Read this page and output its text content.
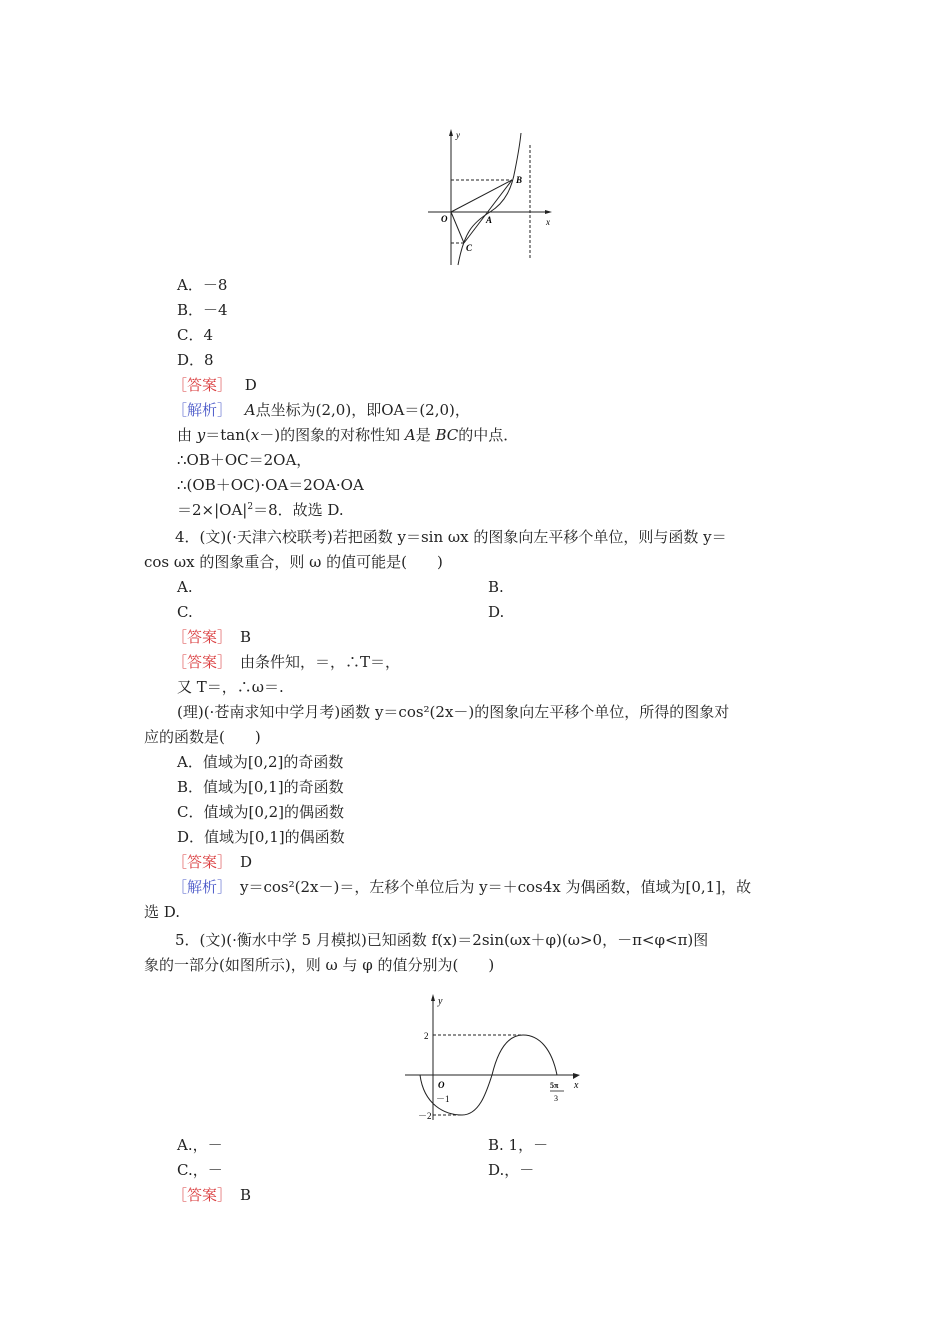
y
x
O	A
B
C
A．－8
B．－4
C．4
D．8
［答案］ D
［解析］ A点坐标为(2,0)，即OA＝(2,0)，
由 y＝tan(x－)的图象的对称性知 A是 BC的中点．
∴OB＋OC＝2OA，
∴(OB＋OC)·OA＝2OA·OA
$=2\times|OA|^2=8$．故选 D.
4．(文)(·天津六校联考)若把函数 y＝sin ωx 的图象向左平移个单位，则与函数 y＝
cos ωx 的图象重合，则 ω 的值可能是(　　)
A.	B.
C.	D.
［答案］ B
［答案］ 由条件知，＝，∴T＝，
又 T＝，∴ω＝.
(理)(·苍南求知中学月考)函数 y＝cos²(2x－)的图象向左平移个单位，所得的图象对
应的函数是(　　)
A．值域为[0,2]的奇函数
B．值域为[0,1]的奇函数
C．值域为[0,2]的偶函数
D．值域为[0,1]的偶函数
［答案］ D
［解析］ y＝cos²(2x－)＝，左移个单位后为 y＝＋cos4x 为偶函数，值域为[0,1]，故
选 D.
5．(文)(·衡水中学 5 月模拟)已知函数 f(x)＝2sin(ωx＋φ)(ω>0，－π<φ<π)图
象的一部分(如图所示)，则 ω 与 φ 的值分别为(　　)
y
x
O
2
－1
－2
5π
3
A.，－	B. 1，－
C.，－	D.，－
［答案］ B
